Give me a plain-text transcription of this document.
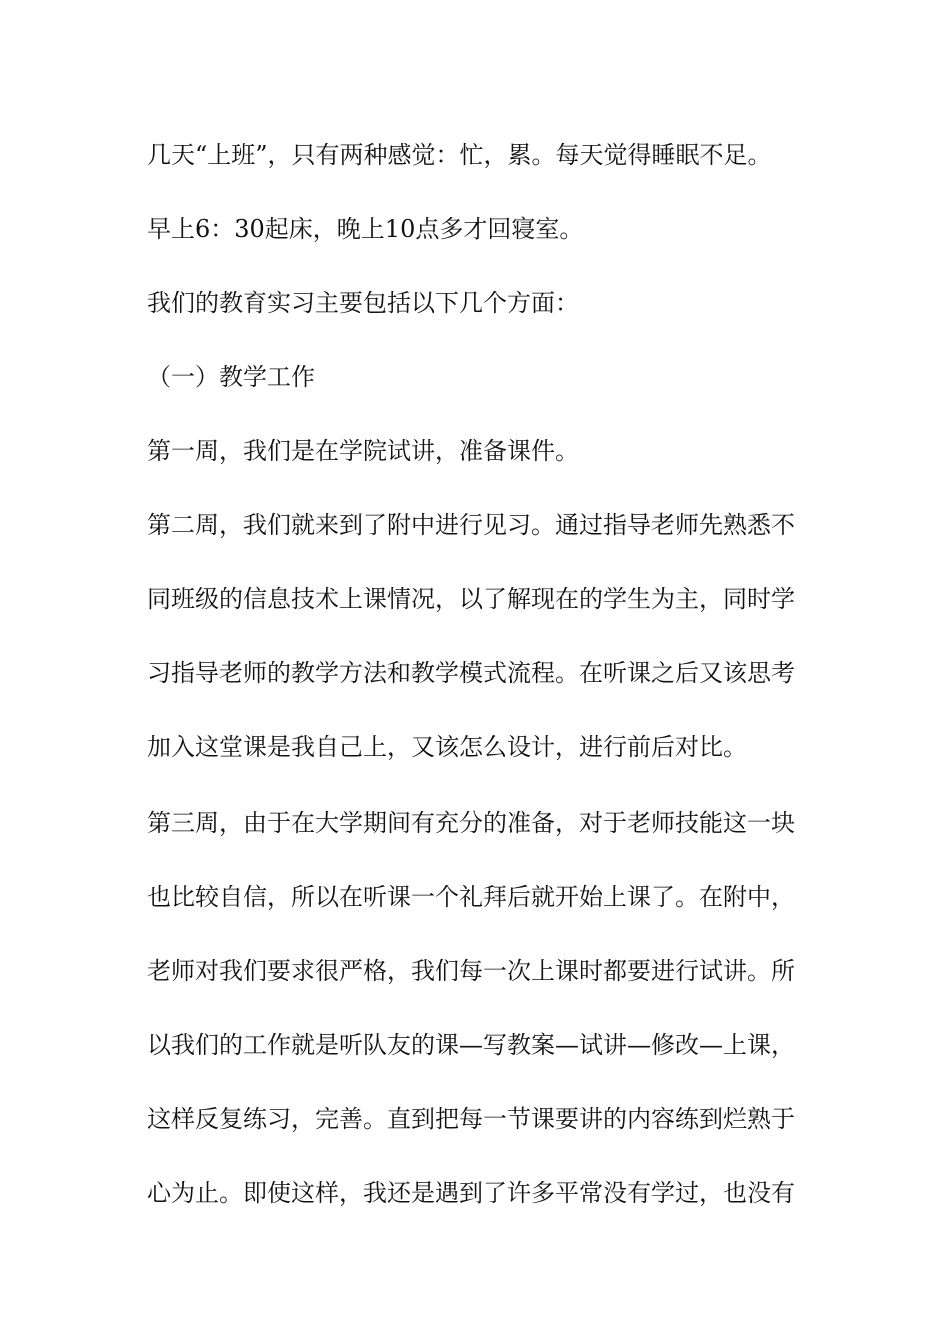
几天“上班”，只有两种感觉：忙，累。每天觉得睡眠不足。
早上6：30起床，晚上10点多才回寝室。
我们的教育实习主要包括以下几个方面：
（一）教学工作
第一周，我们是在学院试讲，准备课件。
第二周，我们就来到了附中进行见习。通过指导老师先熟悉不
同班级的信息技术上课情况，以了解现在的学生为主，同时学
习指导老师的教学方法和教学模式流程。在听课之后又该思考
加入这堂课是我自己上，又该怎么设计，进行前后对比。
第三周，由于在大学期间有充分的准备，对于老师技能这一块
也比较自信，所以在听课一个礼拜后就开始上课了。在附中，
老师对我们要求很严格，我们每一次上课时都要进行试讲。所
以我们的工作就是听队友的课—写教案—试讲—修改—上课，
这样反复练习，完善。直到把每一节课要讲的内容练到烂熟于
心为止。即使这样，我还是遇到了许多平常没有学过，也没有
